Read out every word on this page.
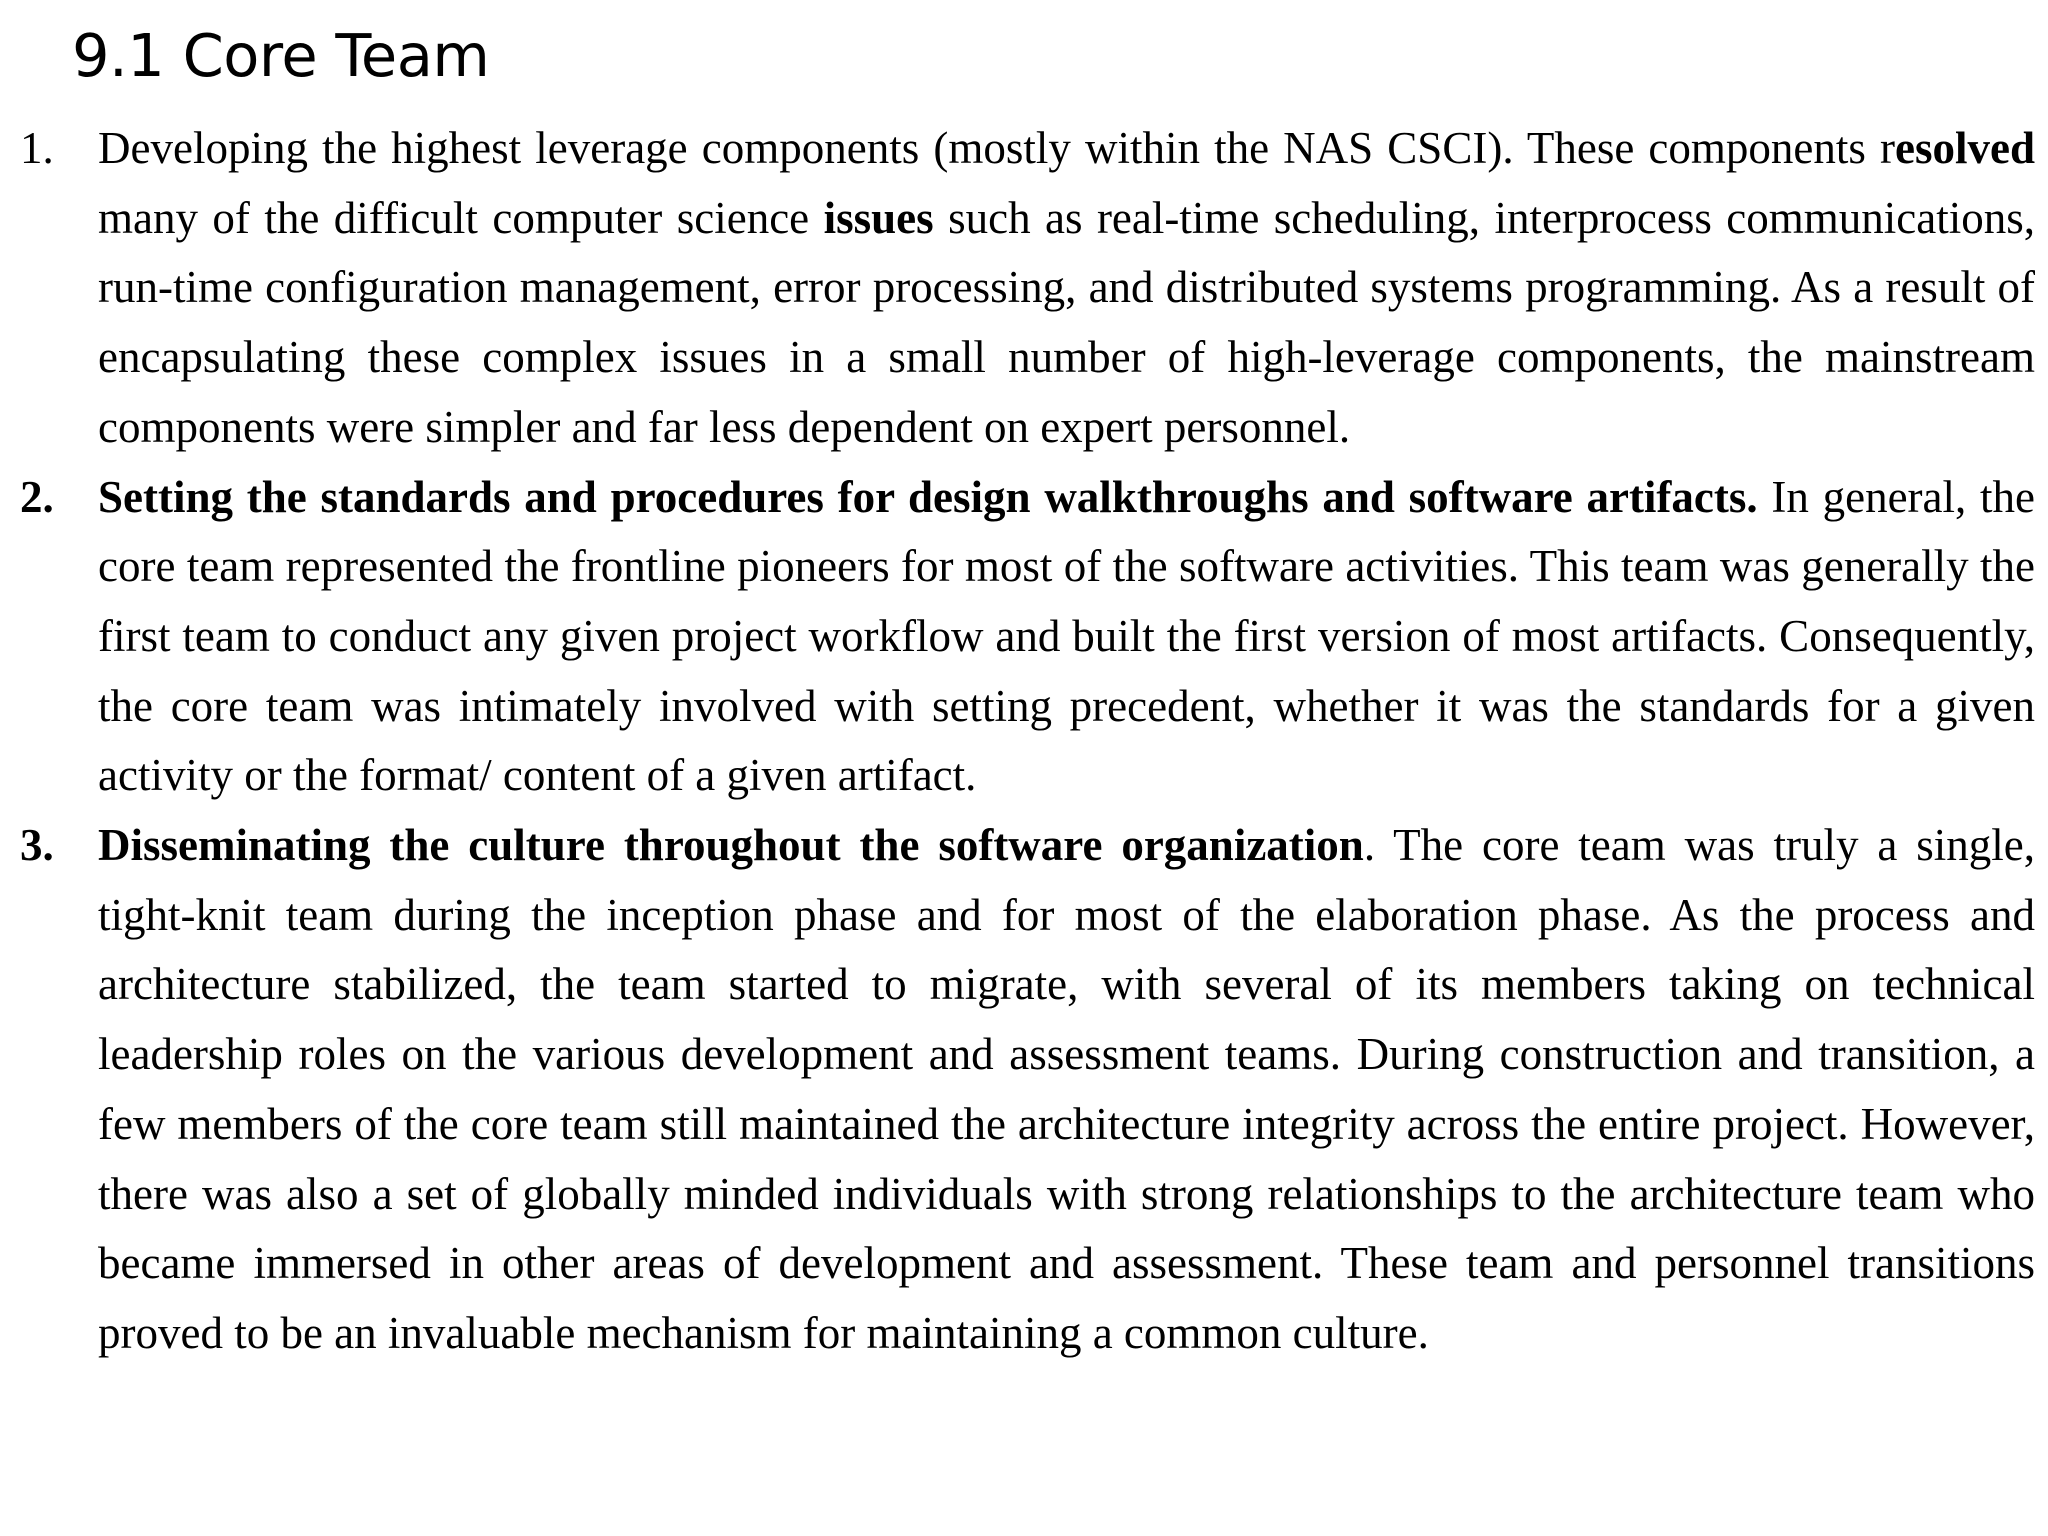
9.1 Core Team
1. Developing the highest leverage components (mostly within the NAS CSCI). These components resolved many of the difficult computer science issues such as real-time scheduling, interprocess communications, run-time configuration management, error processing, and distributed systems programming. As a result of encapsulating these complex issues in a small number of high-leverage components, the mainstream components were simpler and far less dependent on expert personnel.
2. Setting the standards and procedures for design walkthroughs and software artifacts. In general, the core team represented the frontline pioneers for most of the software activities. This team was generally the first team to conduct any given project workflow and built the first version of most artifacts. Consequently, the core team was intimately involved with setting precedent, whether it was the standards for a given activity or the format/ content of a given artifact.
3. Disseminating the culture throughout the software organization. The core team was truly a single, tight-knit team during the inception phase and for most of the elaboration phase. As the process and architecture stabilized, the team started to migrate, with several of its members taking on technical leadership roles on the various development and assessment teams. During construction and transition, a few members of the core team still maintained the architecture integrity across the entire project. However, there was also a set of globally minded individuals with strong relationships to the architecture team who became immersed in other areas of development and assessment. These team and personnel transitions proved to be an invaluable mechanism for maintaining a common culture.
